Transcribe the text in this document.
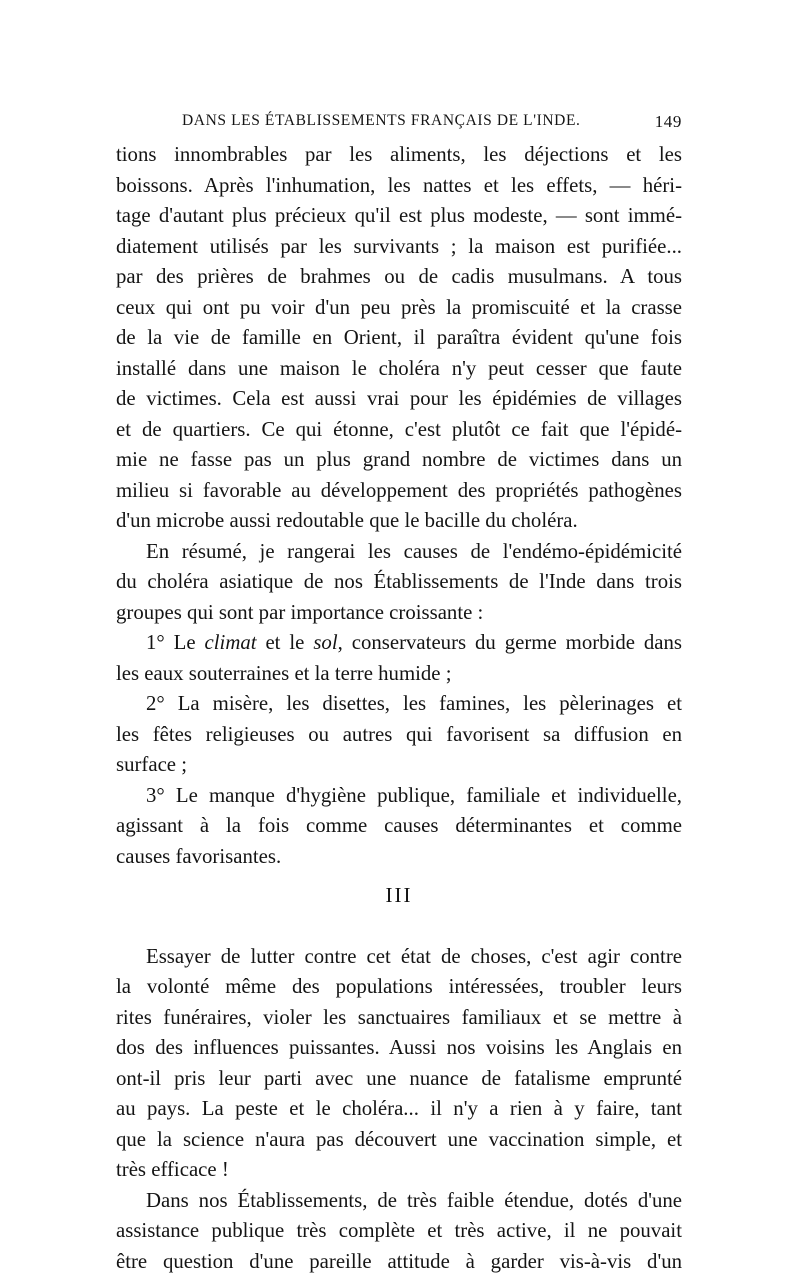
DANS LES ÉTABLISSEMENTS FRANÇAIS DE L'INDE.	149
tions innombrables par les aliments, les déjections et les
boissons. Après l'inhumation, les nattes et les effets, — héri-
tage d'autant plus précieux qu'il est plus modeste, — sont immé-
diatement utilisés par les survivants ; la maison est purifiée...
par des prières de brahmes ou de cadis musulmans. A tous
ceux qui ont pu voir d'un peu près la promiscuité et la crasse
de la vie de famille en Orient, il paraîtra évident qu'une fois
installé dans une maison le choléra n'y peut cesser que faute
de victimes. Cela est aussi vrai pour les épidémies de villages
et de quartiers. Ce qui étonne, c'est plutôt ce fait que l'épidé-
mie ne fasse pas un plus grand nombre de victimes dans un
milieu si favorable au développement des propriétés pathogènes
d'un microbe aussi redoutable que le bacille du choléra.
En résumé, je rangerai les causes de l'endémo-épidémicité
du choléra asiatique de nos Établissements de l'Inde dans trois
groupes qui sont par importance croissante :
1° Le climat et le sol, conservateurs du germe morbide dans
les eaux souterraines et la terre humide ;
2° La misère, les disettes, les famines, les pèlerinages et
les fêtes religieuses ou autres qui favorisent sa diffusion en
surface ;
3° Le manque d'hygiène publique, familiale et individuelle,
agissant à la fois comme causes déterminantes et comme
causes favorisantes.
III
Essayer de lutter contre cet état de choses, c'est agir contre
la volonté même des populations intéressées, troubler leurs
rites funéraires, violer les sanctuaires familiaux et se mettre à
dos des influences puissantes. Aussi nos voisins les Anglais en
ont-il pris leur parti avec une nuance de fatalisme emprunté
au pays. La peste et le choléra... il n'y a rien à y faire, tant
que la science n'aura pas découvert une vaccination simple, et
très efficace !
Dans nos Établissements, de très faible étendue, dotés d'une
assistance publique très complète et très active, il ne pouvait
être question d'une pareille attitude à garder vis-à-vis d'un
